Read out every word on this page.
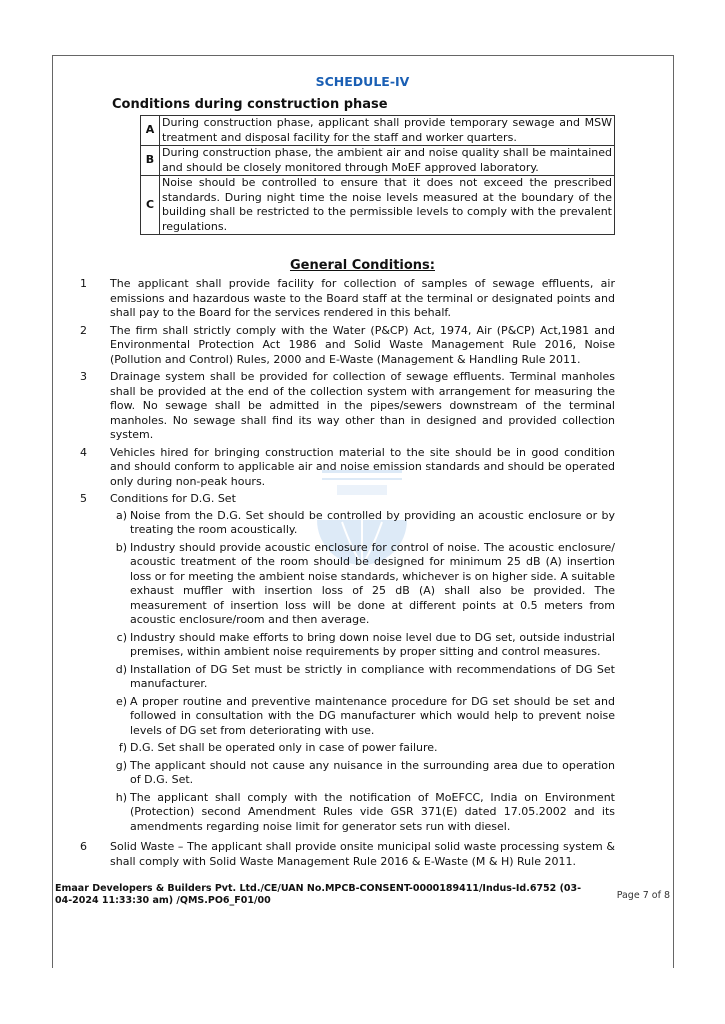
SCHEDULE-IV
Conditions during construction phase
A	During construction phase, applicant shall provide temporary sewage and MSW treatment and disposal facility for the staff and worker quarters.
B	During construction phase, the ambient air and noise quality shall be maintained and should be closely monitored through MoEF approved laboratory.
C	Noise should be controlled to ensure that it does not exceed the prescribed standards. During night time the noise levels measured at the boundary of the building shall be restricted to the permissible levels to comply with the prevalent regulations.
General Conditions:
1	The applicant shall provide facility for collection of samples of sewage effluents, air emissions and hazardous waste to the Board staff at the terminal or designated points and shall pay to the Board for the services rendered in this behalf.
2	The firm shall strictly comply with the Water (P&CP) Act, 1974, Air (P&CP) Act,1981 and Environmental Protection Act 1986 and Solid Waste Management Rule 2016, Noise (Pollution and Control) Rules, 2000 and E-Waste (Management & Handling Rule 2011.
3	Drainage system shall be provided for collection of sewage effluents. Terminal manholes shall be provided at the end of the collection system with arrangement for measuring the flow. No sewage shall be admitted in the pipes/sewers downstream of the terminal manholes. No sewage shall find its way other than in designed and provided collection system.
4	Vehicles hired for bringing construction material to the site should be in good condition and should conform to applicable air and noise emission standards and should be operated only during non-peak hours.
5	Conditions for D.G. Set
a) Noise from the D.G. Set should be controlled by providing an acoustic enclosure or by treating the room acoustically.
b) Industry should provide acoustic enclosure for control of noise. The acoustic enclosure/ acoustic treatment of the room should be designed for minimum 25 dB (A) insertion loss or for meeting the ambient noise standards, whichever is on higher side. A suitable exhaust muffler with insertion loss of 25 dB (A) shall also be provided. The measurement of insertion loss will be done at different points at 0.5 meters from acoustic enclosure/room and then average.
c) Industry should make efforts to bring down noise level due to DG set, outside industrial premises, within ambient noise requirements by proper sitting and control measures.
d) Installation of DG Set must be strictly in compliance with recommendations of DG Set manufacturer.
e) A proper routine and preventive maintenance procedure for DG set should be set and followed in consultation with the DG manufacturer which would help to prevent noise levels of DG set from deteriorating with use.
f) D.G. Set shall be operated only in case of power failure.
g) The applicant should not cause any nuisance in the surrounding area due to operation of D.G. Set.
h) The applicant shall comply with the notification of MoEFCC, India on Environment (Protection) second Amendment Rules vide GSR 371(E) dated 17.05.2002 and its amendments regarding noise limit for generator sets run with diesel.
6	Solid Waste – The applicant shall provide onsite municipal solid waste processing system & shall comply with Solid Waste Management Rule 2016 & E-Waste (M & H) Rule 2011.
Emaar Developers & Builders Pvt. Ltd./CE/UAN No.MPCB-CONSENT-0000189411/Indus-Id.6752 (03-04-2024 11:33:30 am) /QMS.PO6_F01/00	Page 7 of 8
